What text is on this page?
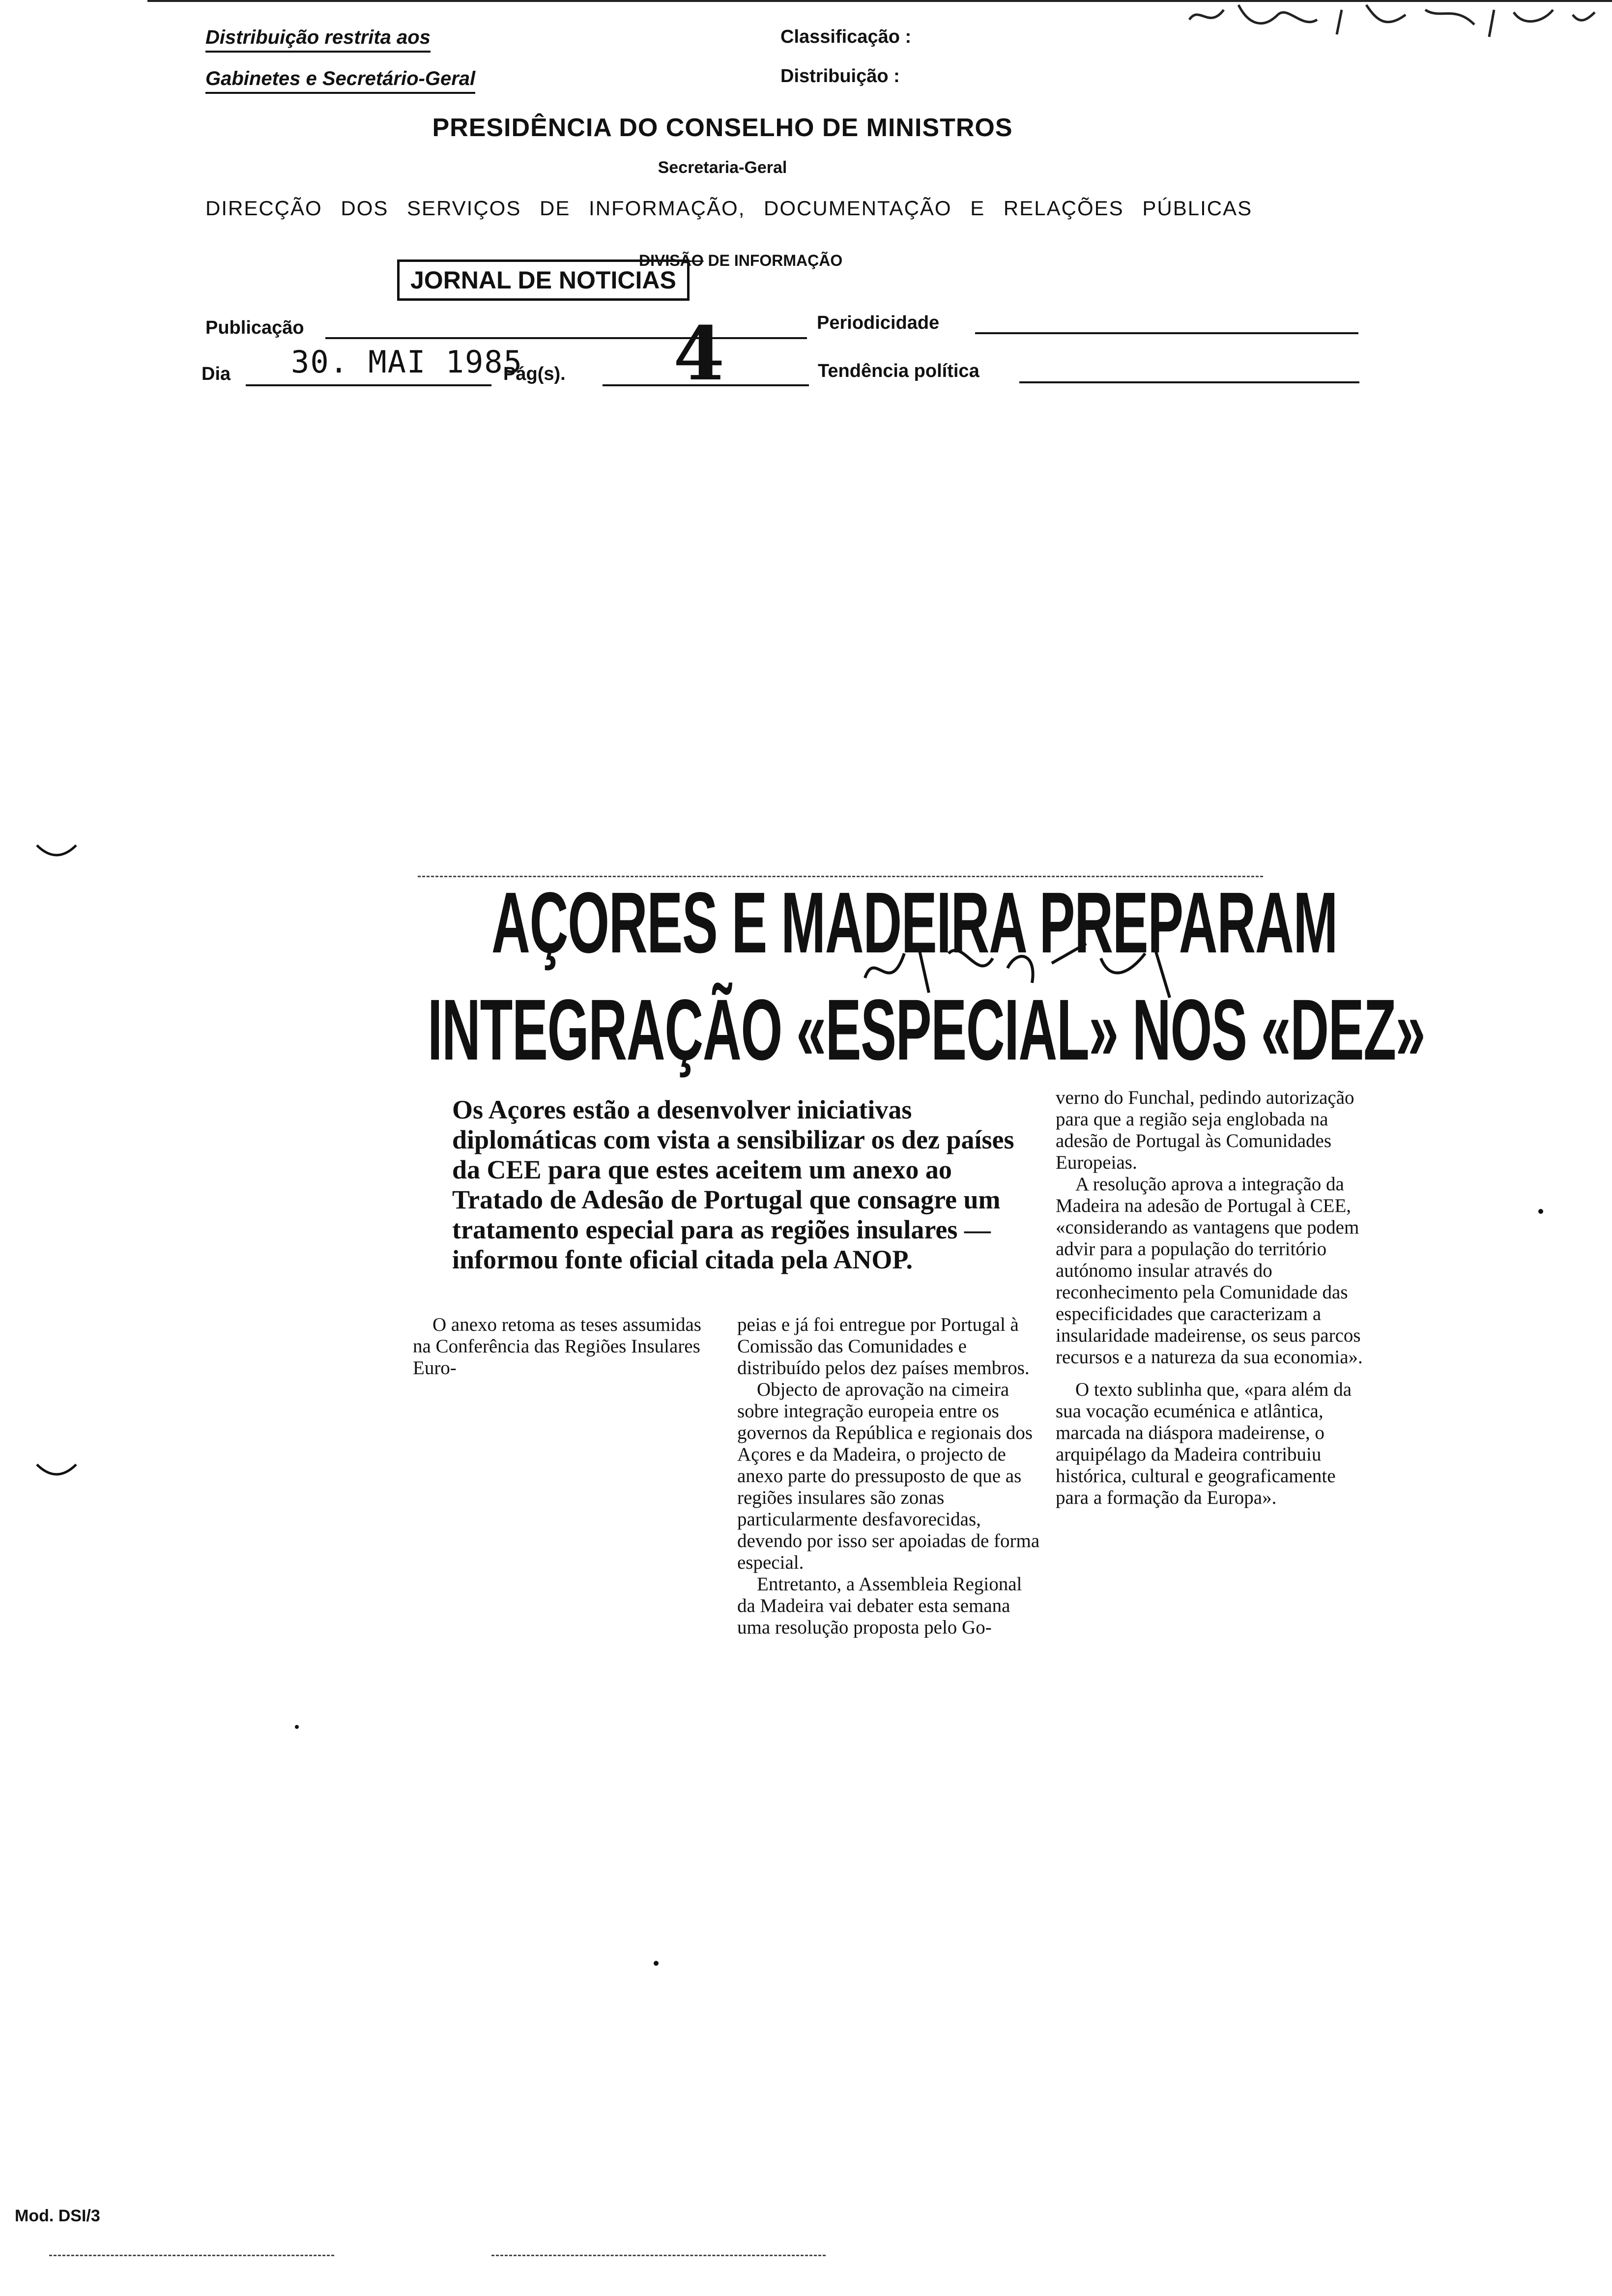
Distribuição restrita aos
Gabinetes e Secretário-Geral
Classificação :
Distribuição :
PRESIDÊNCIA DO CONSELHO DE MINISTROS
Secretaria-Geral
DIRECÇÃO DOS SERVIÇOS DE INFORMAÇÃO, DOCUMENTAÇÃO E RELAÇÕES PÚBLICAS
DIVISÃO DE INFORMAÇÃO
JORNAL DE NOTICIAS
Publicação	Periodicidade
Dia 30. MAI 1985
Pág(s). 4	Tendência política
AÇORES E MADEIRA PREPARAM
INTEGRAÇÃO «ESPECIAL» NOS «DEZ»
Os Açores estão a desenvolver iniciativas diplomáticas com vista a sensibilizar os dez países da CEE para que estes aceitem um anexo ao Tratado de Adesão de Portugal que consagre um tratamento especial para as regiões insulares — informou fonte oficial citada pela ANOP.

O anexo retoma as teses assumidas na Conferência das Regiões Insulares Euro-

peias e já foi entregue por Portugal à Comissão das Comunidades e distribuído pelos dez países membros.

Objecto de aprovação na cimeira sobre integração europeia entre os governos da República e regionais dos Açores e da Madeira, o projecto de anexo parte do pressuposto de que as regiões insulares são zonas particularmente desfavorecidas, devendo por isso ser apoiadas de forma especial.

Entretanto, a Assembleia Regional da Madeira vai debater esta semana uma resolução proposta pelo Go-

verno do Funchal, pedindo autorização para que a região seja englobada na adesão de Portugal às Comunidades Europeias.

A resolução aprova a integração da Madeira na adesão de Portugal à CEE, «considerando as vantagens que podem advir para a população do território autónomo insular através do reconhecimento pela Comunidade das especificidades que caracterizam a insularidade madeirense, os seus parcos recursos e a natureza da sua economia».

O texto sublinha que, «para além da sua vocação ecuménica e atlântica, marcada na diáspora madeirense, o arquipélago da Madeira contribuiu histórica, cultural e geograficamente para a formação da Europa».

Mod. DSI/3
